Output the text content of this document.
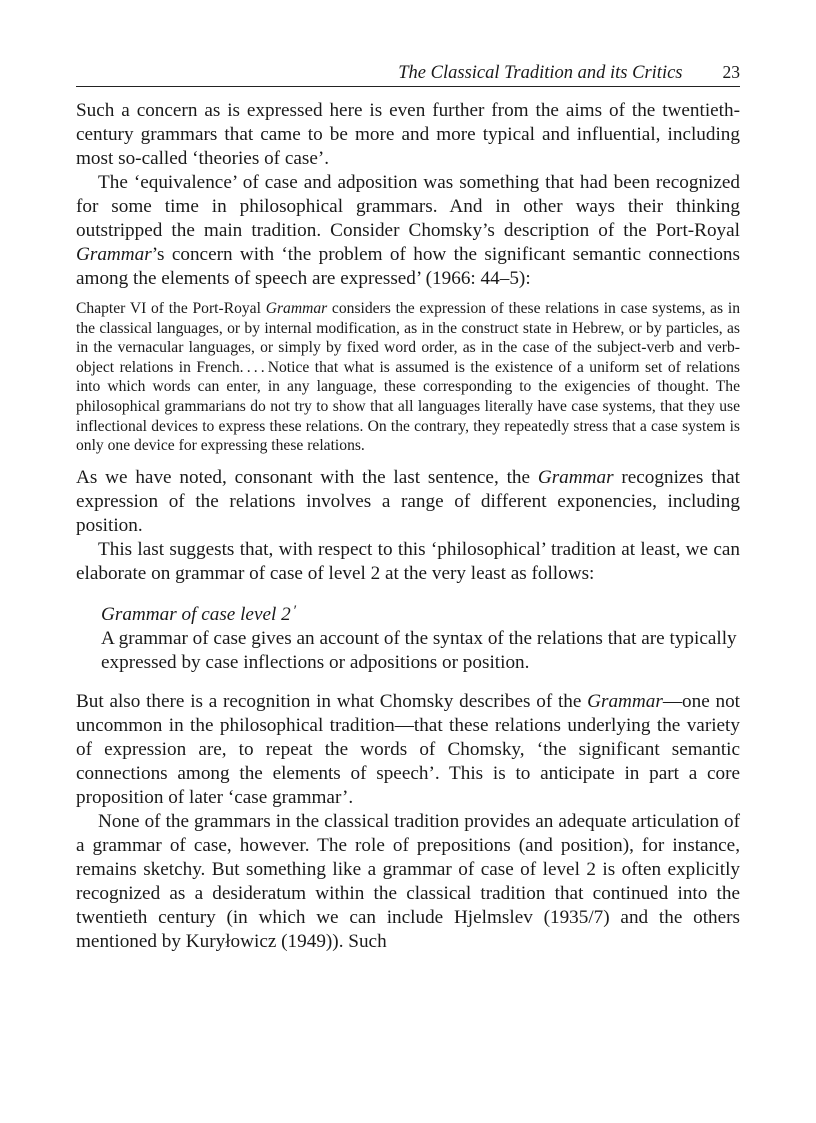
The Classical Tradition and its Critics 23

Such a concern as is expressed here is even further from the aims of the twentieth-century grammars that came to be more and more typical and influential, including most so-called ‘theories of case’.

The ‘equivalence’ of case and adposition was something that had been recognized for some time in philosophical grammars. And in other ways their thinking outstripped the main tradition. Consider Chomsky’s description of the Port-Royal Grammar’s concern with ‘the problem of how the significant semantic connections among the elements of speech are expressed’ (1966: 44–5):

Chapter VI of the Port-Royal Grammar considers the expression of these relations in case systems, as in the classical languages, or by internal modification, as in the construct state in Hebrew, or by particles, as in the vernacular languages, or simply by fixed word order, as in the case of the subject-verb and verb-object relations in French. . . . Notice that what is assumed is the existence of a uniform set of relations into which words can enter, in any language, these corresponding to the exigencies of thought. The philosophical grammarians do not try to show that all languages literally have case systems, that they use inflectional devices to express these relations. On the contrary, they repeatedly stress that a case system is only one device for expressing these relations.

As we have noted, consonant with the last sentence, the Grammar recognizes that expression of the relations involves a range of different exponencies, including position.

This last suggests that, with respect to this ‘philosophical’ tradition at least, we can elaborate on grammar of case of level 2 at the very least as follows:

Grammar of case level 2 ′
A grammar of case gives an account of the syntax of the relations that are typically expressed by case inflections or adpositions or position.

But also there is a recognition in what Chomsky describes of the Grammar—one not uncommon in the philosophical tradition—that these relations underlying the variety of expression are, to repeat the words of Chomsky, ‘the significant semantic connections among the elements of speech’. This is to anticipate in part a core proposition of later ‘case grammar’.

None of the grammars in the classical tradition provides an adequate articulation of a grammar of case, however. The role of prepositions (and position), for instance, remains sketchy. But something like a grammar of case of level 2 is often explicitly recognized as a desideratum within the classical tradition that continued into the twentieth century (in which we can include Hjelmslev (1935/7) and the others mentioned by Kuryłowicz (1949)). Such
